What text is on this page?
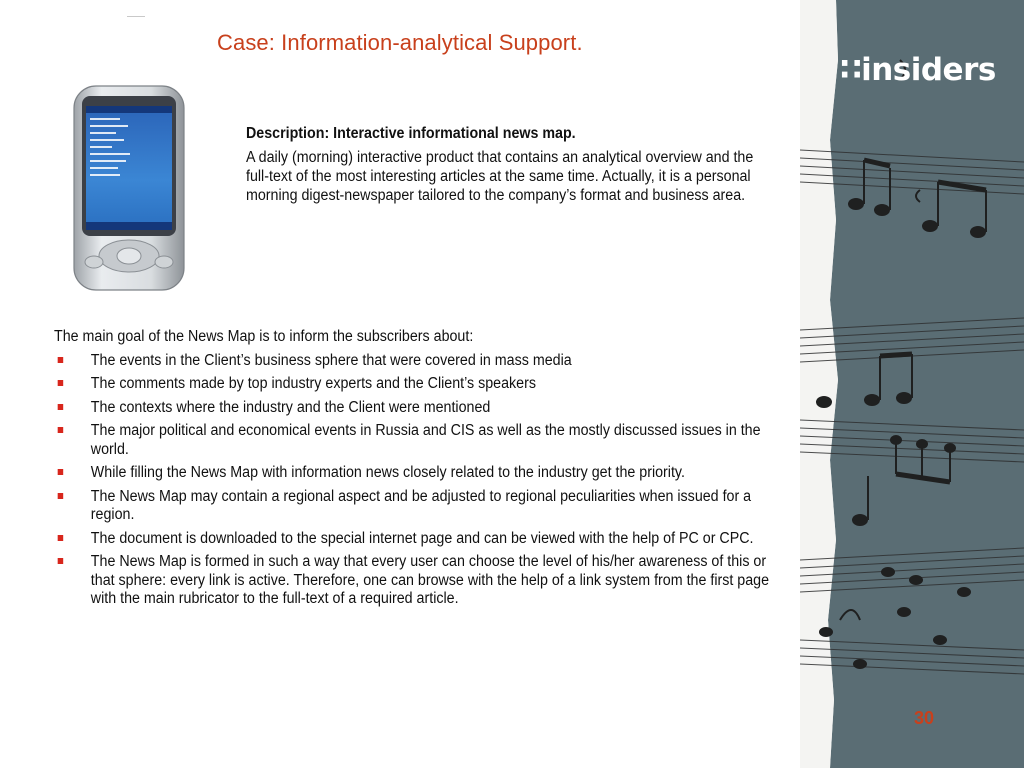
Case: Information-analytical Support.
Description: Interactive informational news map.
A daily (morning) interactive product that contains an analytical overview and the full-text of the most interesting articles at the same time. Actually, it is a personal morning digest-newspaper tailored to the company’s format and business area.
The main goal of the News Map is to inform the subscribers about:
The events in the Client’s business sphere that were covered in mass media
The comments made by top industry experts and the Client’s speakers
The contexts where the industry and the Client were mentioned
The major political and economical events in Russia and CIS as well as the mostly discussed issues in the world.
While filling the News Map with information news closely related to the industry get the priority.
The News Map may contain a regional aspect and be adjusted to regional peculiarities when issued for a region.
The document is downloaded to the special internet page and can be viewed with the help of PC or CPC.
The News Map is formed in such a way that every user can choose the level of his/her awareness of this or that sphere: every link is active. Therefore, one can browse with the help of a link system from the first page with the main rubricator to the full-text of a required article.
∷insiders
30
